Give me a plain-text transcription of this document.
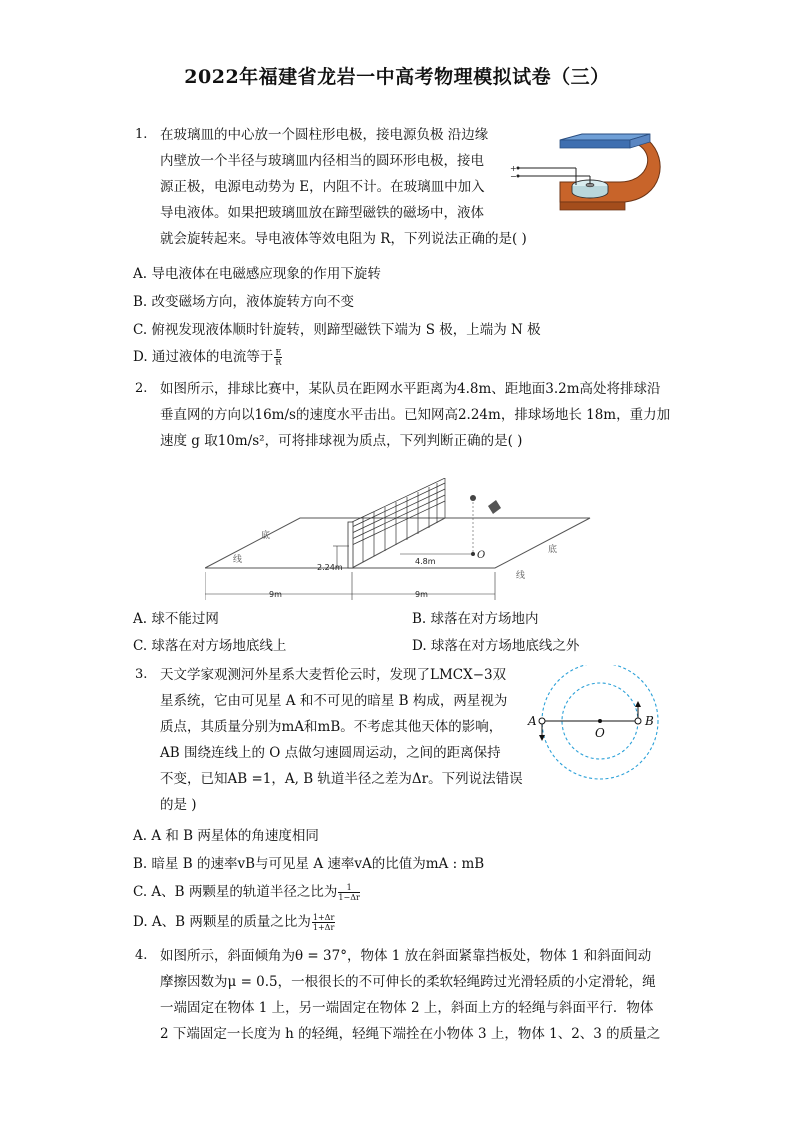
2022年福建省龙岩一中高考物理模拟试卷（三）
1. 在玻璃皿的中心放一个圆柱形电极，接电源负极 沿边缘
内壁放一个半径与玻璃皿内径相当的圆环形电极，接电
源正极，电源电动势为 E，内阻不计。在玻璃皿中加入
导电液体。如果把玻璃皿放在蹄型磁铁的磁场中，液体
就会旋转起来。导电液体等效电阻为 R，下列说法正确的是( )
+
−
A. 导电液体在电磁感应现象的作用下旋转
B. 改变磁场方向，液体旋转方向不变
C. 俯视发现液体顺时针旋转，则蹄型磁铁下端为 S 极，上端为 N 极
D. 通过液体的电流等于 $\frac{E}{R}$
2. 如图所示，排球比赛中，某队员在距网水平距离为4.8m、距地面3.2m高处将排球沿
垂直网的方向以16m/s的速度水平击出。已知网高2.24m，排球场地长 18m，重力加
速度 g 取10m/s²，可将排球视为质点，下列判断正确的是( )
2.24m
O
4.8m
底
线
底
线
9m	9m
A. 球不能过网	B. 球落在对方场地内
C. 球落在对方场地底线上	D. 球落在对方场地底线之外
3. 天文学家观测河外星系大麦哲伦云时，发现了LMCX−3双
星系统，它由可见星 A 和不可见的暗星 B 构成，两星视为
质点，其质量分别为mA和mB。不考虑其他天体的影响，
AB 围绕连线上的 O 点做匀速圆周运动，之间的距离保持
不变，已知AB =1，A, B 轨道半径之差为Δr。下列说法错误
的是 )
A	B
O
A. A 和 B 两星体的角速度相同
B. 暗星 B 的速率vB与可见星 A 速率vA的比值为mA : mB
C. A、B 两颗星的轨道半径之比为 $\frac{1}{1-\Delta r}$
D. A、B 两颗星的质量之比为 $\frac{1+\Delta r}{1+\Delta r}$
4. 如图所示，斜面倾角为θ = 37°，物体 1 放在斜面紧靠挡板处，物体 1 和斜面间动
摩擦因数为μ = 0.5，一根很长的不可伸长的柔软轻绳跨过光滑轻质的小定滑轮，绳
一端固定在物体 1 上，另一端固定在物体 2 上，斜面上方的轻绳与斜面平行．物体
2 下端固定一长度为 h 的轻绳，轻绳下端拴在小物体 3 上，物体 1、2、3 的质量之
